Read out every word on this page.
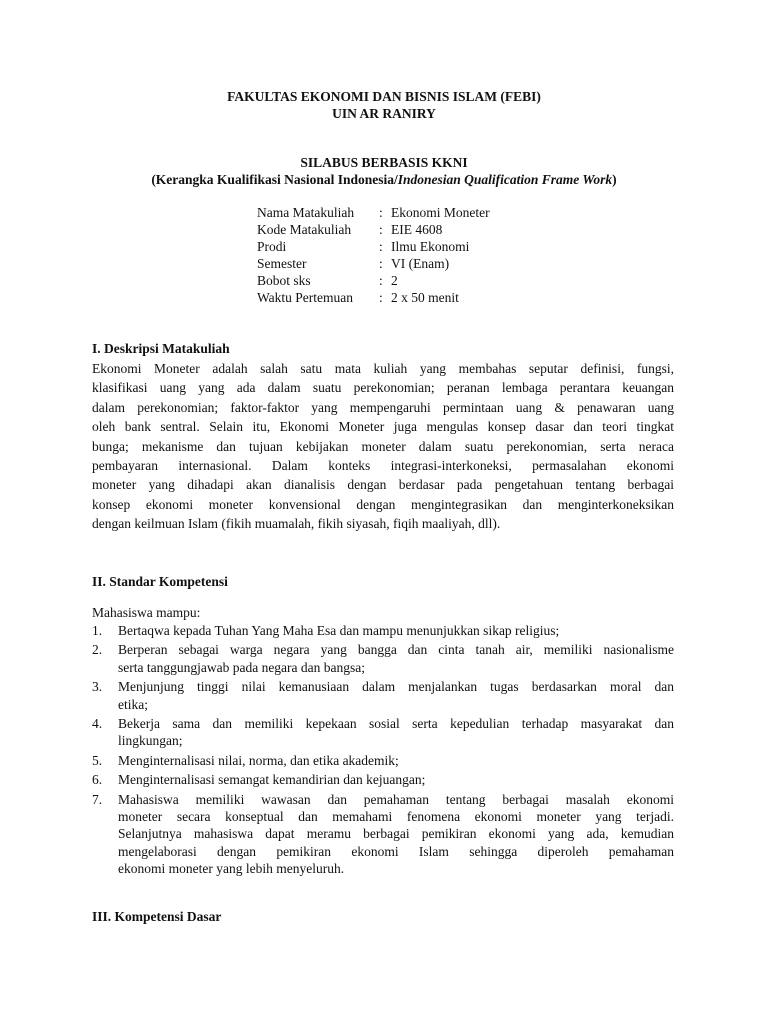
FAKULTAS EKONOMI DAN BISNIS ISLAM (FEBI)

UIN AR RANIRY

SILABUS BERBASIS KKNI

(Kerangka Kualifikasi Nasional Indonesia/Indonesian Qualification Frame Work)

Nama Matakuliah	:	Ekonomi Moneter
Kode Matakuliah	:	EIE 4608
Prodi	:	Ilmu Ekonomi
Semester	:	VI (Enam)
Bobot sks	:	2
Waktu Pertemuan	:	2 x 50 menit
I. Deskripsi Matakuliah

Ekonomi Moneter adalah salah satu mata kuliah yang membahas seputar definisi, fungsi,
klasifikasi uang yang ada dalam suatu perekonomian; peranan lembaga perantara keuangan
dalam perekonomian; faktor-faktor yang mempengaruhi permintaan uang & penawaran uang
oleh bank sentral. Selain itu, Ekonomi Moneter juga mengulas konsep dasar dan teori tingkat
bunga; mekanisme dan tujuan kebijakan moneter dalam suatu perekonomian, serta neraca
pembayaran internasional. Dalam konteks integrasi-interkoneksi, permasalahan ekonomi
moneter yang dihadapi akan dianalisis dengan berdasar pada pengetahuan tentang berbagai
konsep ekonomi moneter konvensional dengan mengintegrasikan dan menginterkoneksikan
dengan keilmuan Islam (fikih muamalah, fikih siyasah, fiqih maaliyah, dll).

II. Standar Kompetensi

Mahasiswa mampu:

1. Bertaqwa kepada Tuhan Yang Maha Esa dan mampu menunjukkan sikap religius;
2. Berperan sebagai warga negara yang bangga dan cinta tanah air, memiliki nasionalisme
serta tanggungjawab pada negara dan bangsa;
3. Menjunjung tinggi nilai kemanusiaan dalam menjalankan tugas berdasarkan moral dan
etika;
4. Bekerja sama dan memiliki kepekaan sosial serta kepedulian terhadap masyarakat dan
lingkungan;
5. Menginternalisasi nilai, norma, dan etika akademik;
6. Menginternalisasi semangat kemandirian dan kejuangan;
7. Mahasiswa memiliki wawasan dan pemahaman tentang berbagai masalah ekonomi
moneter secara konseptual dan memahami fenomena ekonomi moneter yang terjadi.
Selanjutnya mahasiswa dapat meramu berbagai pemikiran ekonomi yang ada, kemudian
mengelaborasi dengan pemikiran ekonomi Islam sehingga diperoleh pemahaman
ekonomi moneter yang lebih menyeluruh.
III. Kompetensi Dasar
